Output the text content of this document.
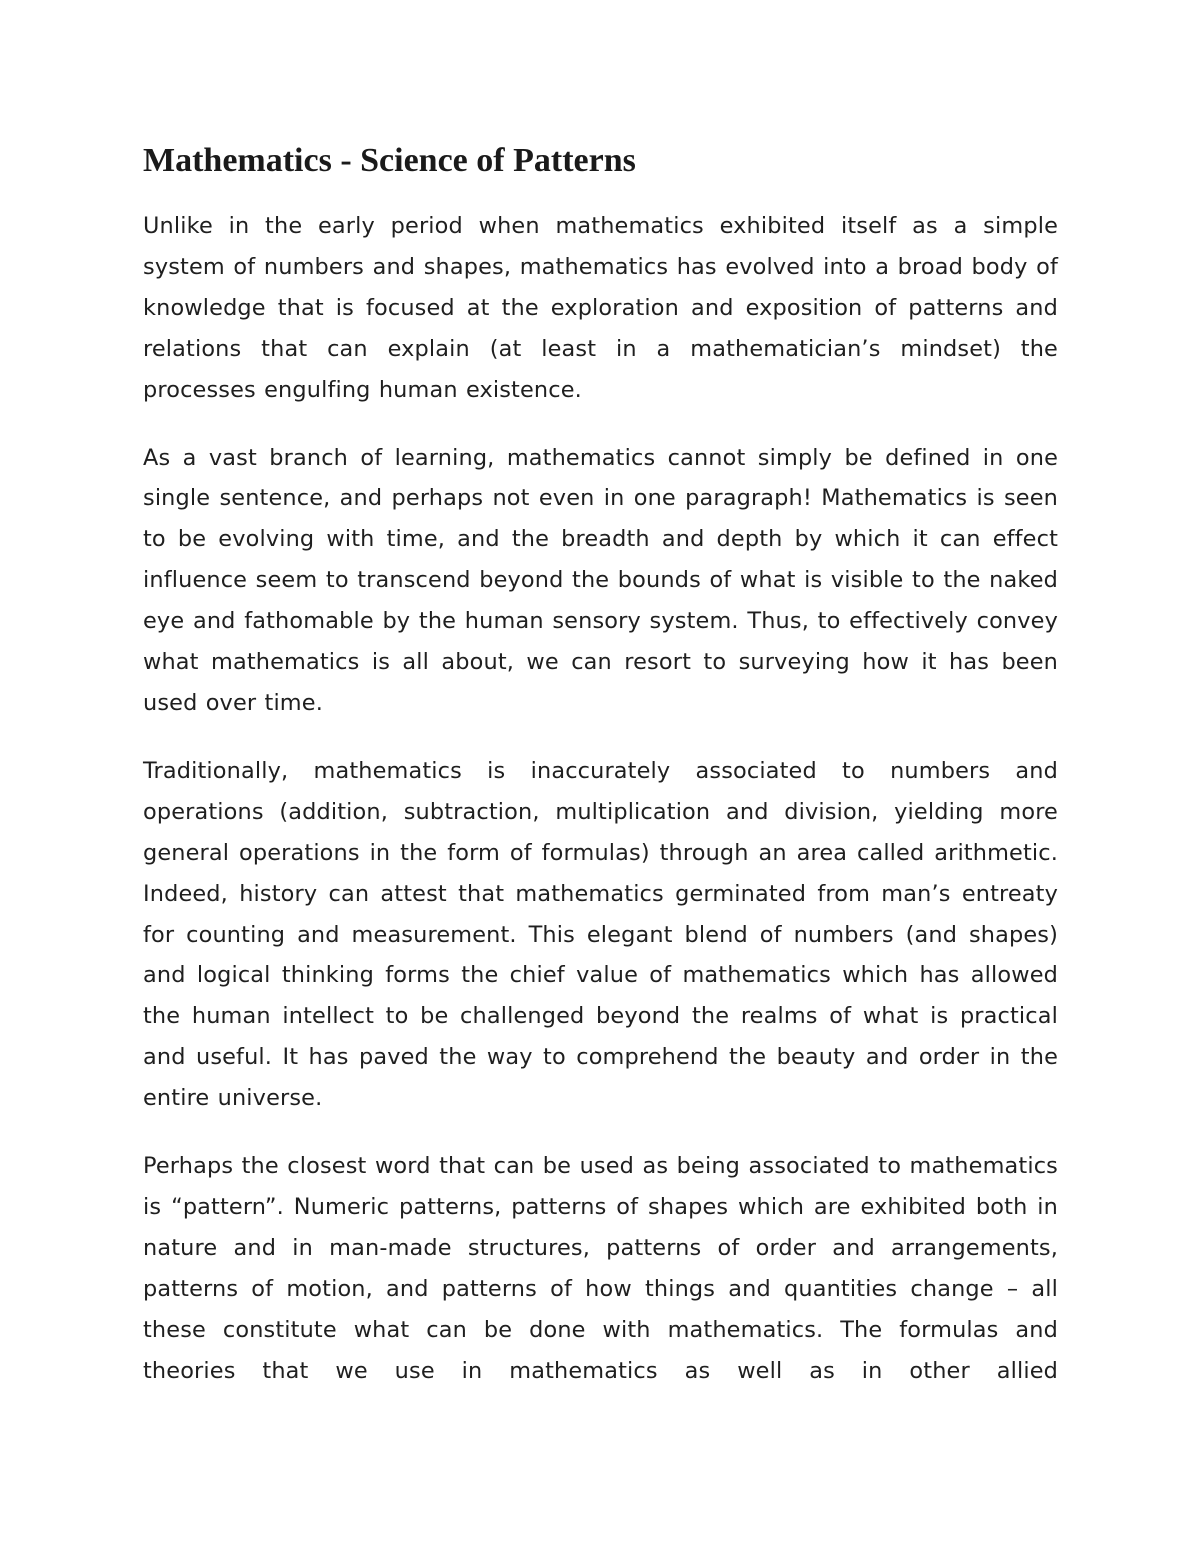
Mathematics - Science of Patterns

Unlike in the early period when mathematics exhibited itself as a simple system of numbers and shapes, mathematics has evolved into a broad body of knowledge that is focused at the exploration and exposition of patterns and relations that can explain (at least in a mathematician’s mindset) the processes engulfing human existence.

As a vast branch of learning, mathematics cannot simply be defined in one single sentence, and perhaps not even in one paragraph! Mathematics is seen to be evolving with time, and the breadth and depth by which it can effect influence seem to transcend beyond the bounds of what is visible to the naked eye and fathomable by the human sensory system. Thus, to effectively convey what mathematics is all about, we can resort to surveying how it has been used over time.

Traditionally, mathematics is inaccurately associated to numbers and operations (addition, subtraction, multiplication and division, yielding more general operations in the form of formulas) through an area called arithmetic. Indeed, history can attest that mathematics germinated from man’s entreaty for counting and measurement. This elegant blend of numbers (and shapes) and logical thinking forms the chief value of mathematics which has allowed the human intellect to be challenged beyond the realms of what is practical and useful. It has paved the way to comprehend the beauty and order in the entire universe.

Perhaps the closest word that can be used as being associated to mathematics is “pattern”. Numeric patterns, patterns of shapes which are exhibited both in nature and in man-made structures, patterns of order and arrangements, patterns of motion, and patterns of how things and quantities change – all these constitute what can be done with mathematics. The formulas and theories that we use in mathematics as well as in other allied
